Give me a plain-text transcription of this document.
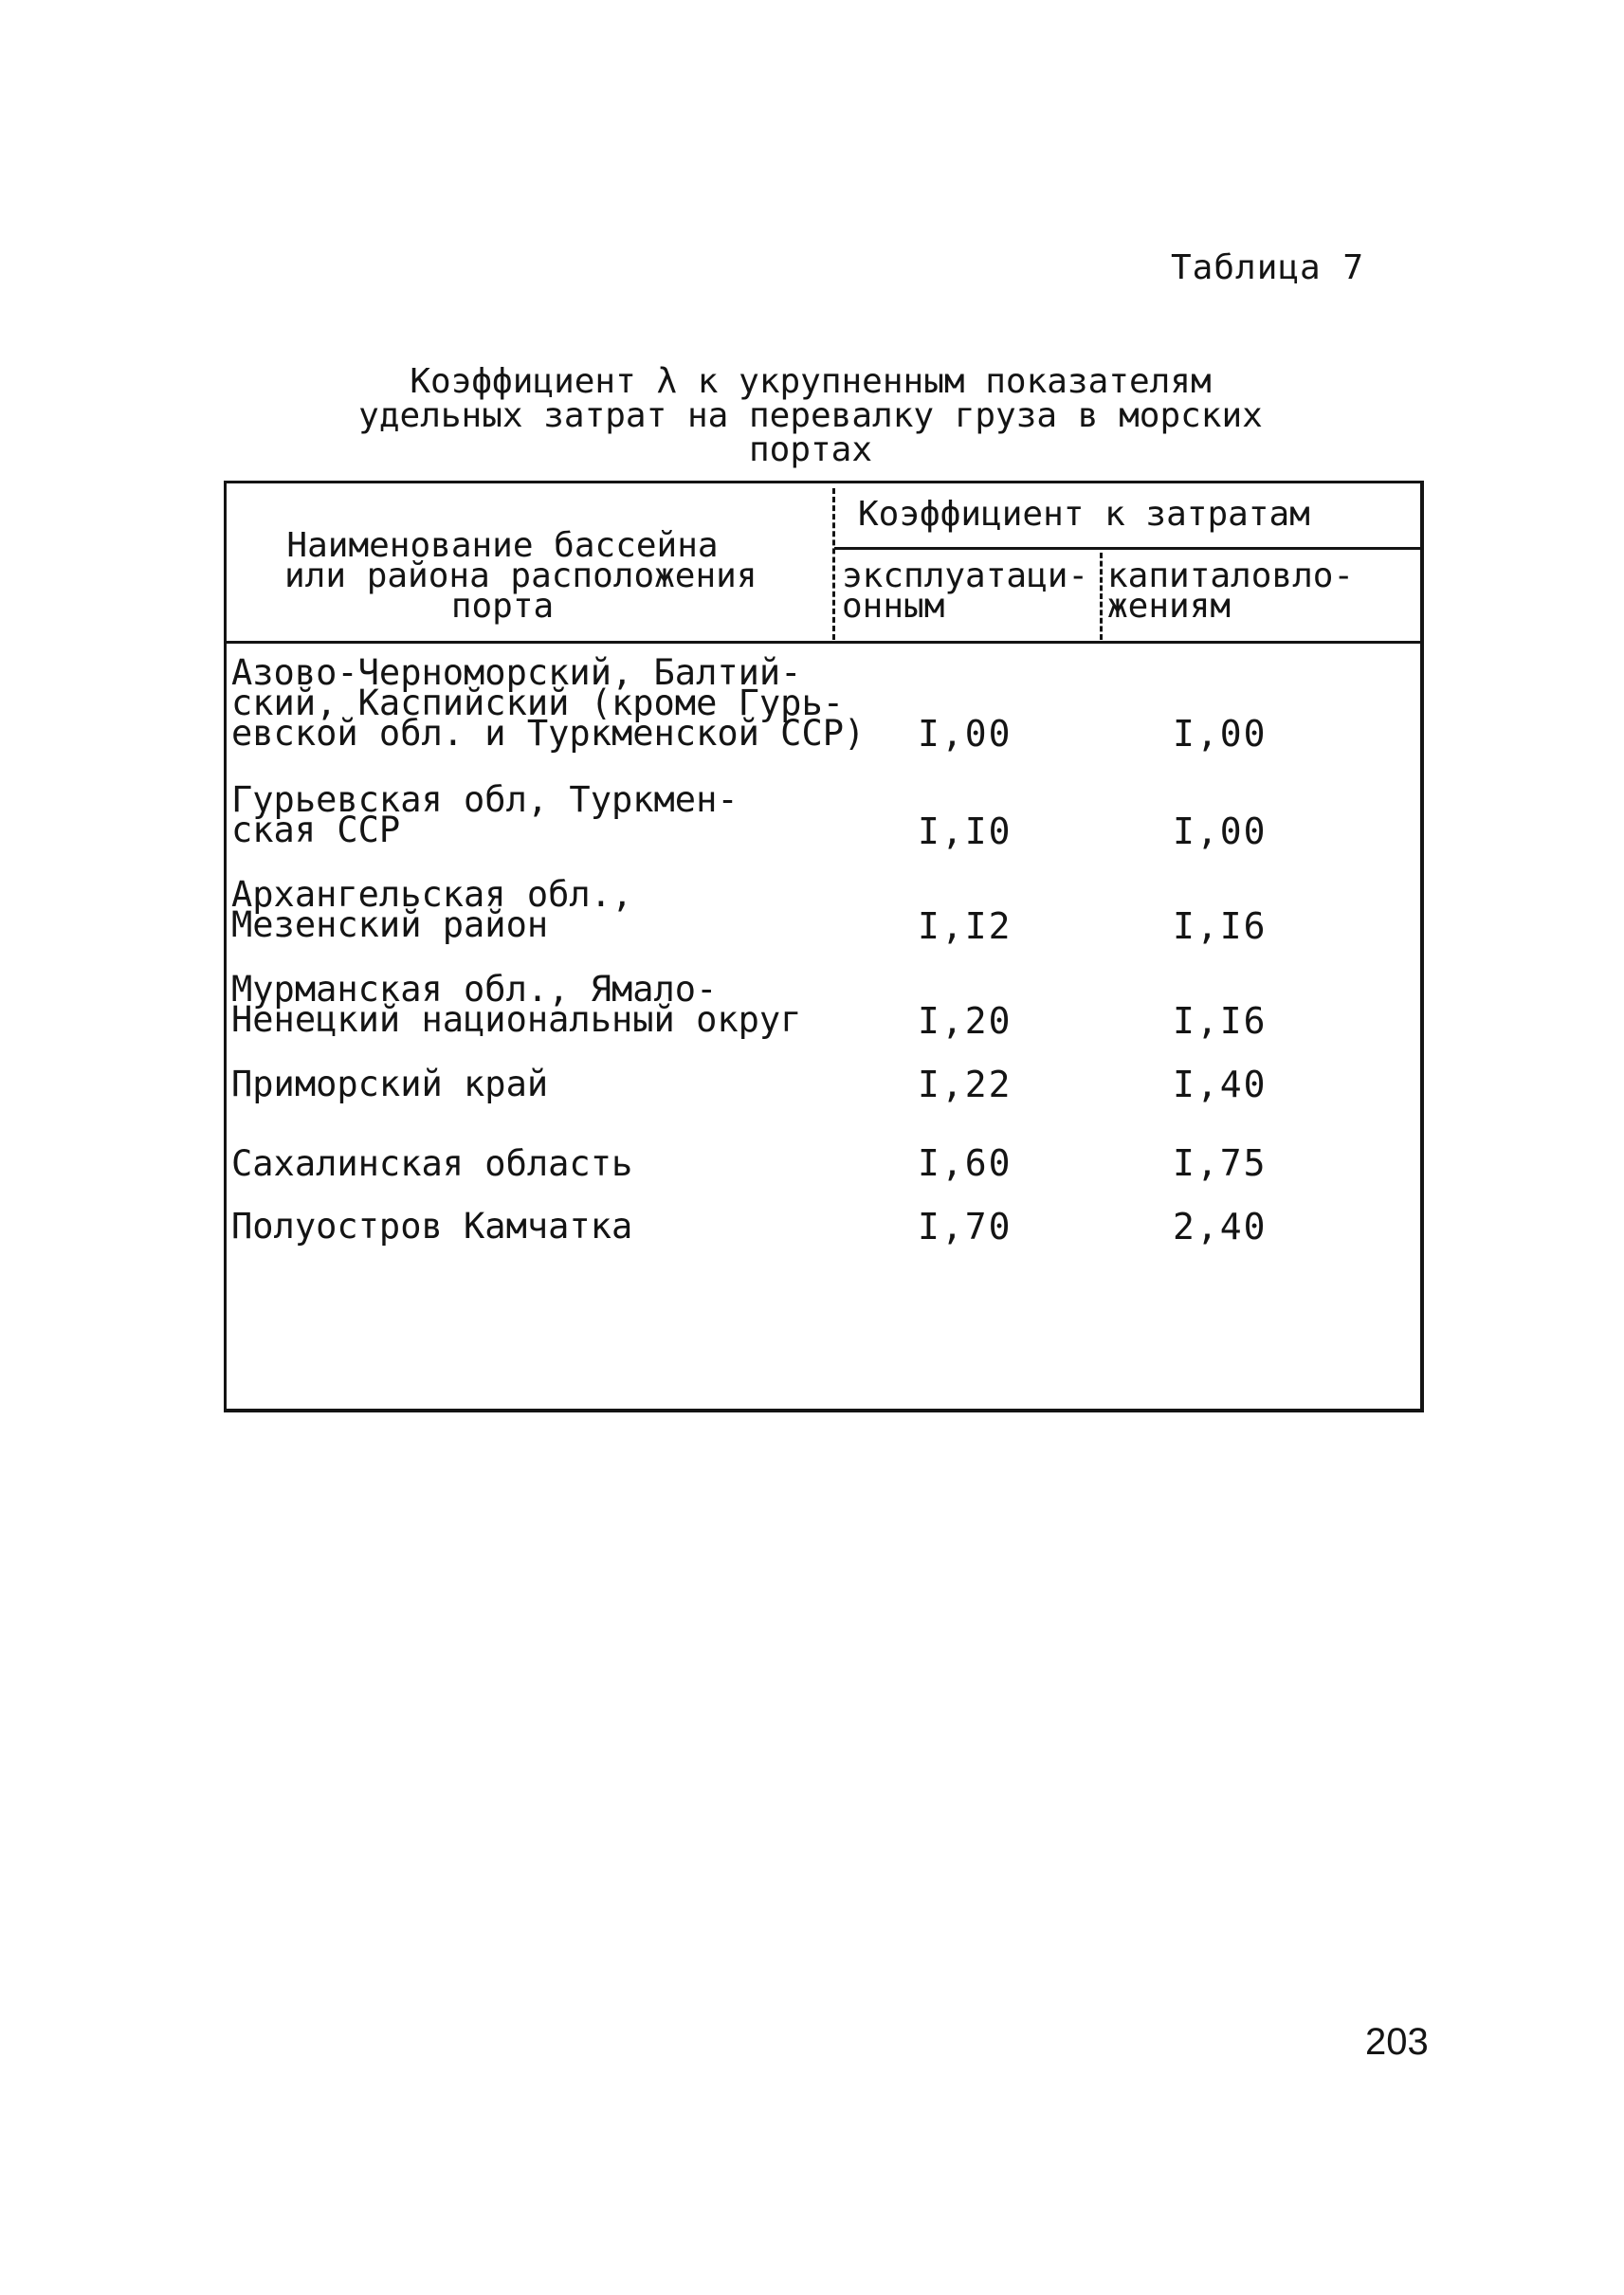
Таблица 7
Коэффициент λ к укрупненным показателям
удельных затрат на перевалку груза в морских
портах
Наименование бассейна
или района расположения
порта
Коэффициент к затратам
эксплуатаци-
онным
капиталовло-
жениям
Азово-Черноморский, Балтий-
ский, Каспийский (кроме Гурь-
евской обл. и Туркменской ССР) I,00	I,00
Гурьевская обл, Туркмен-
ская ССР	I,I0	I,00
Архангельская обл.,
Мезенский район	I,I2	I,I6
Мурманская обл., Ямало-
Ненецкий национальный округ	I,20	I,I6
Приморский край	I,22	I,40
Сахалинская область	I,60	I,75
Полуостров Камчатка	I,70	2,40
203
